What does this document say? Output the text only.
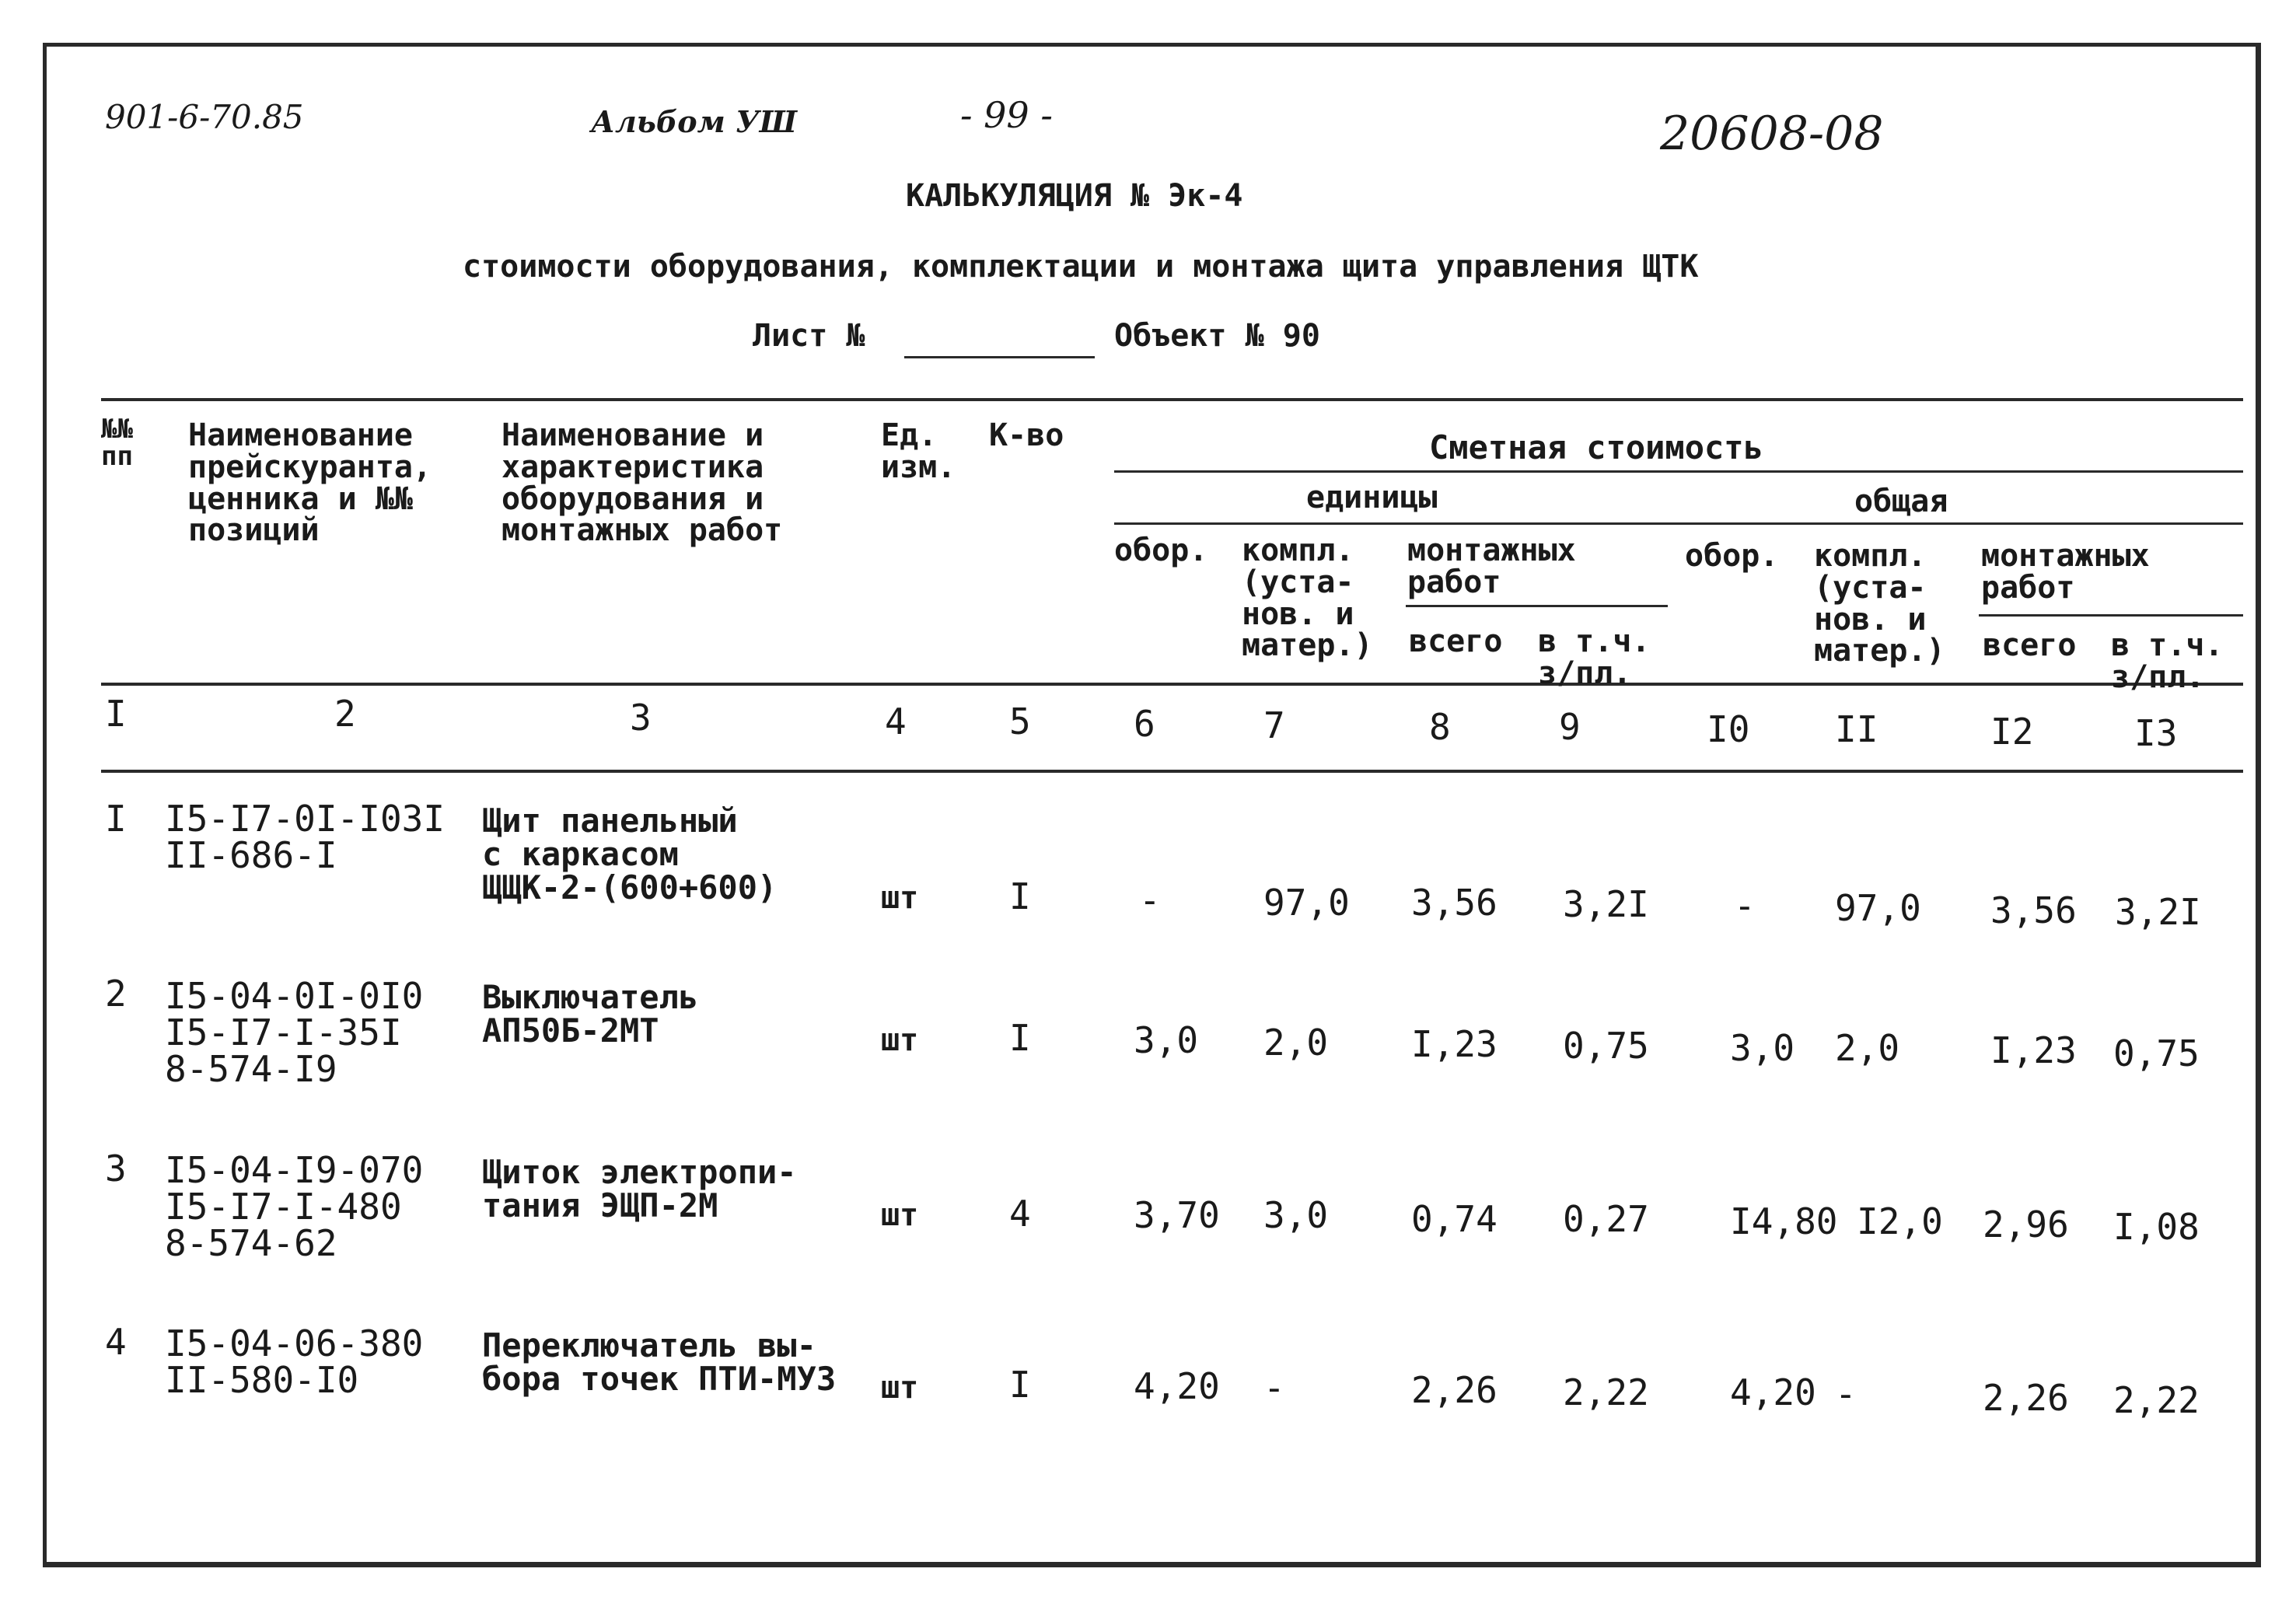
901-6-70.85	Альбом УШ	- 99 -	20608-08
КАЛЬКУЛЯЦИЯ № Эк-4
стоимости оборудования, комплектации и монтажа щита управления ЩТК
Лист №	Объект № 90
№№
пп
Наименование
прейскуранта,
ценника и №№
позиций
Наименование и
характеристика
оборудования и
монтажных работ
Ед.
изм.
К-во	Сметная стоимость
единицы	общая
обор. компл.
(уста-
нов. и
матер.)
монтажных
работ
всего в т.ч.
з/пл.
обор. компл.
(уста-
нов. и
матер.)
монтажных
работ
всего в т.ч.
з/пл.
I	2	3	4	5	6	7	8	9	I0 II	I2	I3
I I5-I7-0I-I03I
II-686-I
Щит панельный
с каркасом
ЩЩК-2-(600+600)	шт	I	-	97,0 3,56 3,2I - 97,0 3,56 3,2I
2 I5-04-0I-0I0
I5-I7-I-35I
8-574-I9
Выключатель
АП50Б-2МТ	шт	I	3,0 2,0 I,23 0,75 3,0 2,0	I,23 0,75
3 I5-04-I9-070
I5-I7-I-480
8-574-62
Щиток электропи-
тания ЭЩП-2М	шт	4	3,70 3,0 0,74 0,27 I4,80 I2,0 2,96 I,08
4 I5-04-06-380
II-580-I0
Переключатель вы-
бора точек ПТИ-МУЗ шт	I	4,20 -	2,26 2,22 4,20 -	2,26 2,22
